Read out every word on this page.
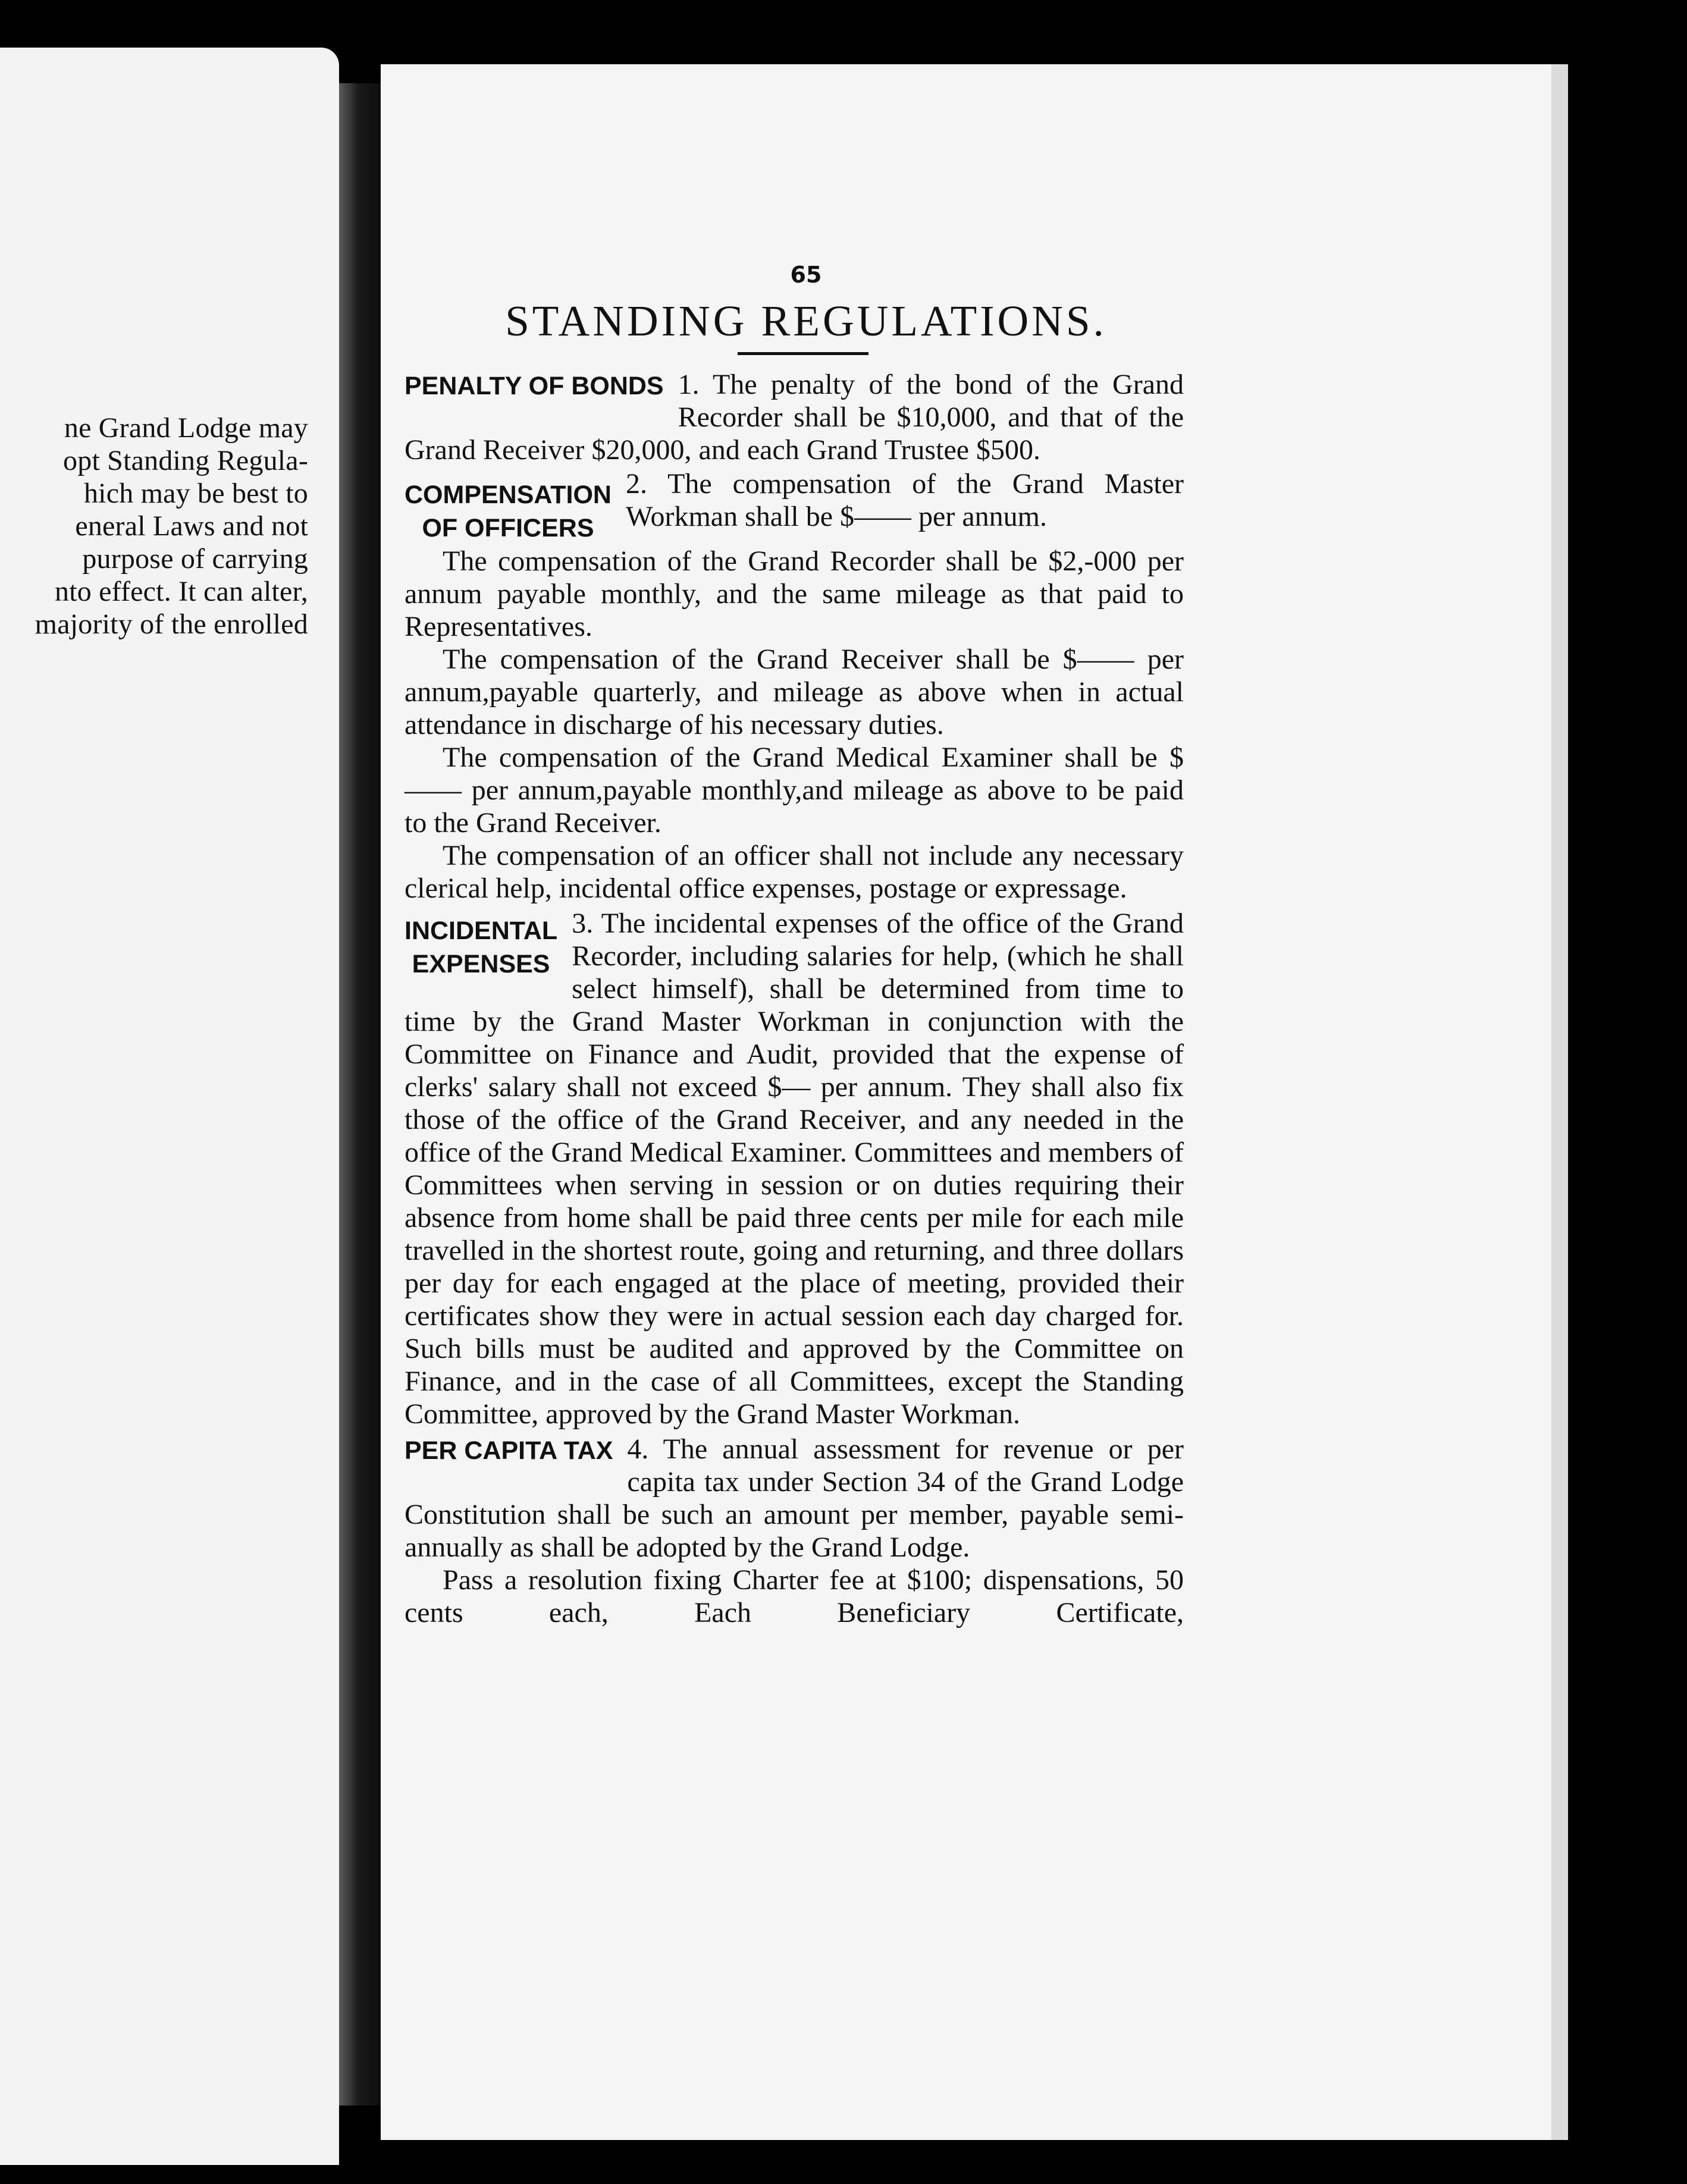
ne Grand Lodge may
opt Standing Regula-
hich may be best to
eneral Laws and not
purpose of carrying
nto effect. It can alter,
majority of the enrolled
65
STANDING REGULATIONS.
PENALTY OF BONDS 1. The penalty of the bond of the Grand Recorder shall be $10,000, and that of the Grand Receiver $20,000, and each Grand Trustee $500.

COMPENSATION
OF OFFICERS

2. The compensation of the Grand Master Workman shall be $—— per annum.

The compensation of the Grand Recorder shall be $2,-000 per annum payable monthly, and the same mileage as that paid to Representatives.

The compensation of the Grand Receiver shall be $—— per annum,payable quarterly, and mileage as above when in actual attendance in discharge of his necessary duties.

The compensation of the Grand Medical Examiner shall be $ —— per annum,payable monthly,and mileage as above to be paid to the Grand Receiver.

The compensation of an officer shall not include any necessary clerical help, incidental office expenses, postage or expressage.

INCIDENTAL
EXPENSES

3. The incidental expenses of the office of the Grand Recorder, including salaries for help, (which he shall select himself), shall be determined from time to time by the Grand Master Workman in conjunction with the Committee on Finance and Audit, provided that the expense of clerks' salary shall not exceed $— per annum. They shall also fix those of the office of the Grand Receiver, and any needed in the office of the Grand Medical Examiner. Committees and members of Committees when serving in session or on duties requiring their absence from home shall be paid three cents per mile for each mile travelled in the shortest route, going and returning, and three dollars per day for each engaged at the place of meeting, provided their certificates show they were in actual session each day charged for. Such bills must be audited and approved by the Committee on Finance, and in the case of all Committees, except the Standing Committee, approved by the Grand Master Workman.

PER CAPITA TAX 4. The annual assessment for revenue or per capita tax under Section 34 of the Grand Lodge Constitution shall be such an amount per member, payable semi-annually as shall be adopted by the Grand Lodge.

Pass a resolution fixing Charter fee at $100; dispensations, 50 cents each, Each Beneficiary Certificate,
